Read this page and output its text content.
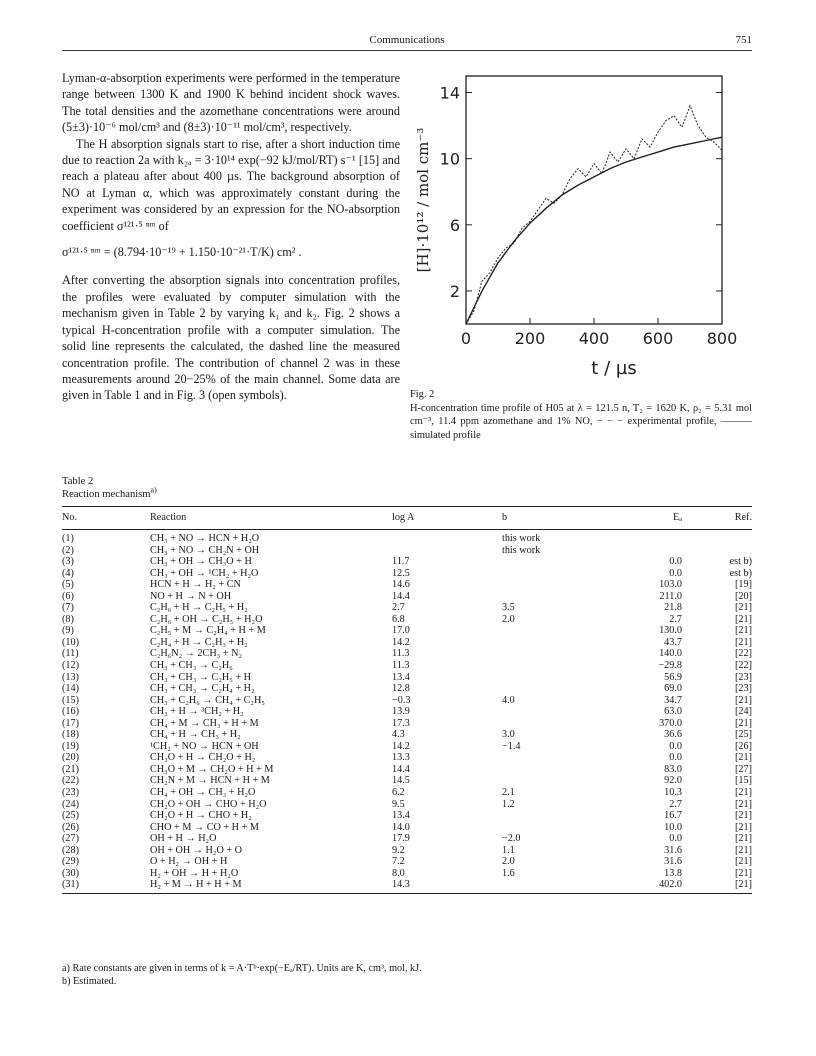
Communications	751

Lyman-α-absorption experiments were performed in the temperature range between 1300 K and 1900 K behind incident shock waves. The total densities and the azomethane concentrations were around (5±3)·10⁻⁶ mol/cm³ and (8±3)·10⁻¹¹ mol/cm³, respectively.

The H absorption signals start to rise, after a short induction time due to reaction 2a with k₂ₐ = 3·10¹⁴ exp(−92 kJ/mol/RT) s⁻¹ [15] and reach a plateau after about 400 µs. The background absorption of NO at Lyman α, which was approximately constant during the experiment was considered by an expression for the NO-absorption coefficient σ¹²¹·⁵ ⁿᵐ of

σ¹²¹·⁵ ⁿᵐ = (8.794·10⁻¹⁹ + 1.150·10⁻²¹·T/K) cm² .

After converting the absorption signals into concentration profiles, the profiles were evaluated by computer simulation with the mechanism given in Table 2 by varying k₁ and k₂. Fig. 2 shows a typical H-concentration profile with a computer simulation. The solid line represents the calculated, the dashed line the measured concentration profile. The contribution of channel 2 was in these measurements around 20−25% of the main channel. Some data are given in Table 1 and in Fig. 3 (open symbols).

0	200 400 600 800
2
6
10
14
t / µs
[H]·10¹² / mol cm⁻³
Fig. 2
H-concentration time profile of H05 at λ = 121.5 n, T₂ = 1620 K, ρ₂ = 5.31 mol cm⁻³, 11.4 ppm azomethane and 1% NO, − − − experimental profile, ——— simulated profile
Table 2
Reaction mechanism$^{a)}$
No.	Reaction	log A	b	Eₐ	Ref.
(1)	CH₃ + NO → HCN + H₂O		this work		
(2)	CH₃ + NO → CH₂N + OH		this work		
(3)	CH₃ + OH → CH₃O + H	11.7		0.0	est b)
(4)	CH₃ + OH → ¹CH₂ + H₂O	12.5		0.0	est b)
(5)	HCN + H → H₂ + CN	14.6		103.0	[19]
(6)	NO + H → N + OH	14.4		211.0	[20]
(7)	C₂H₆ + H → C₂H₅ + H₂	2.7	3.5	21.8	[21]
(8)	C₂H₆ + OH → C₂H₅ + H₂O	6.8	2.0	2.7	[21]
(9)	C₂H₅ + M → C₂H₄ + H + M	17.0		130.0	[21]
(10)	C₂H₄ + H → C₂H₃ + H₂	14.2		43.7	[21]
(11)	C₂H₆N₂ → 2CH₃ + N₂	11.3		140.0	[22]
(12)	CH₃ + CH₃ → C₂H₆	11.3		−29.8	[22]
(13)	CH₃ + CH₃ → C₂H₅ + H	13.4		56.9	[23]
(14)	CH₃ + CH₃ → C₂H₄ + H₂	12.8		69.0	[23]
(15)	CH₃ + C₂H₆ → CH₄ + C₂H₅	−0.3	4.0	34.7	[21]
(16)	CH₃ + H → ³CH₂ + H₂	13.9		63.0	[24]
(17)	CH₄ + M → CH₃ + H + M	17.3		370.0	[21]
(18)	CH₄ + H → CH₃ + H₂	4.3	3.0	36.6	[25]
(19)	¹CH₂ + NO → HCN + OH	14.2	−1.4	0.0	[26]
(20)	CH₃O + H → CH₂O + H₂	13.3		0.0	[21]
(21)	CH₃O + M → CH₂O + H + M	14.4		83.0	[27]
(22)	CH₂N + M → HCN + H + M	14.5		92.0	[15]
(23)	CH₄ + OH → CH₃ + H₂O	6.2	2.1	10.3	[21]
(24)	CH₂O + OH → CHO + H₂O	9.5	1.2	2.7	[21]
(25)	CH₂O + H → CHO + H₂	13.4		16.7	[21]
(26)	CHO + M → CO + H + M	14.0		10.0	[21]
(27)	OH + H → H₂O	17.9	−2.0	0.0	[21]
(28)	OH + OH → H₂O + O	9.2	1.1	31.6	[21]
(29)	O + H₂ → OH + H	7.2	2.0	31.6	[21]
(30)	H₂ + OH → H + H₂O	8.0	1.6	13.8	[21]
(31)	H₂ + M → H + H + M	14.3		402.0	[21]

a) Rate constants are given in terms of k = A·Tᵇ·exp(−Eₐ/RT). Units are K, cm³, mol, kJ.

b) Estimated.
